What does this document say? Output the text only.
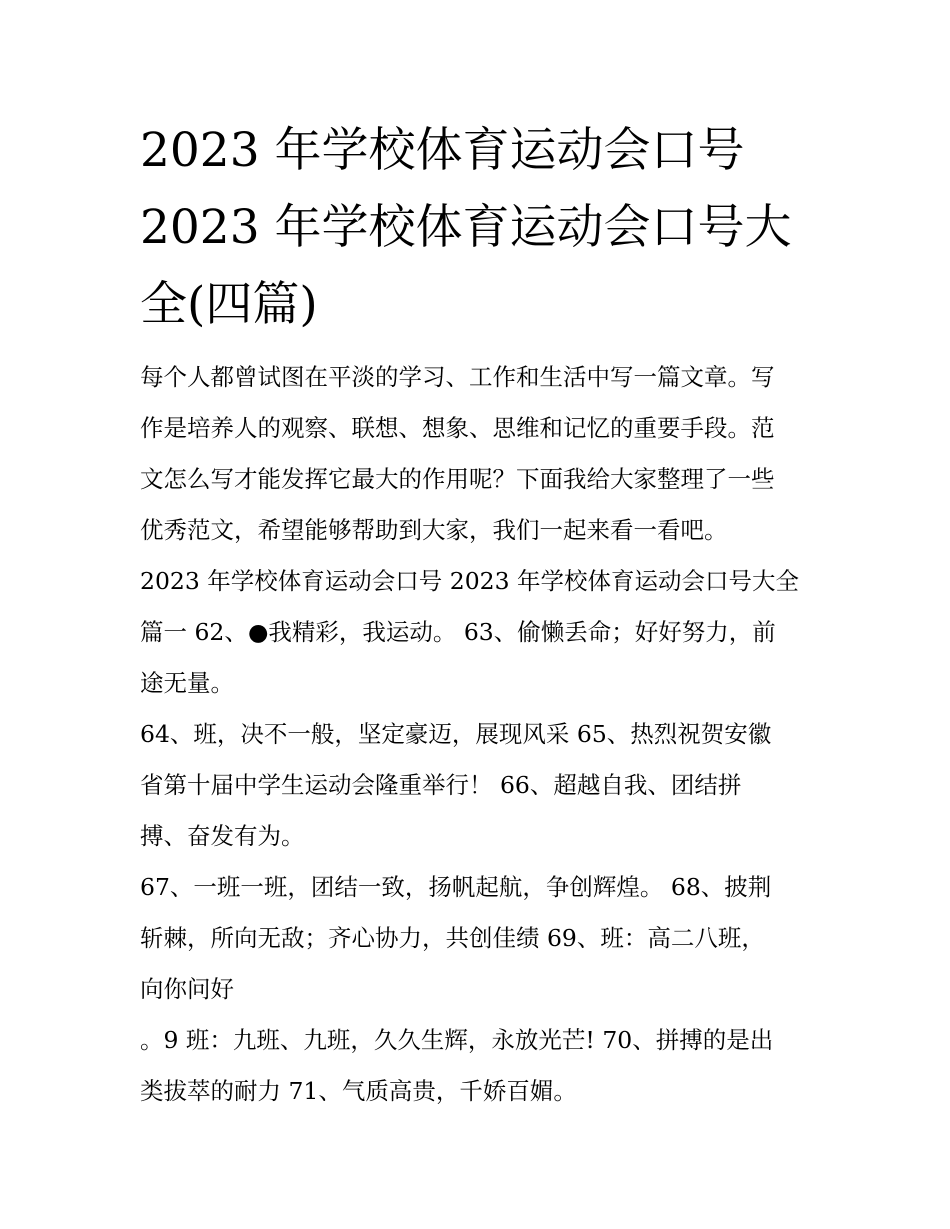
2023 年学校体育运动会口号
2023 年学校体育运动会口号大
全(四篇)

每个人都曾试图在平淡的学习、工作和生活中写一篇文章。写
作是培养人的观察、联想、想象、思维和记忆的重要手段。范
文怎么写才能发挥它最大的作用呢？下面我给大家整理了一些
优秀范文，希望能够帮助到大家，我们一起来看一看吧。

2023 年学校体育运动会口号 2023 年学校体育运动会口号大全
篇一 62、●我精彩，我运动。 63、偷懒丢命；好好努力，前
途无量。

64、班，决不一般，坚定豪迈，展现风采 65、热烈祝贺安徽
省第十届中学生运动会隆重举行！ 66、超越自我、团结拼
搏、奋发有为。

67、一班一班，团结一致，扬帆起航，争创辉煌。 68、披荆
斩棘，所向无敌；齐心协力，共创佳绩 69、班：高二八班，
向你问好

。9 班：九班、九班，久久生辉，永放光芒! 70、拼搏的是出
类拔萃的耐力 71、气质高贵，千娇百媚。
